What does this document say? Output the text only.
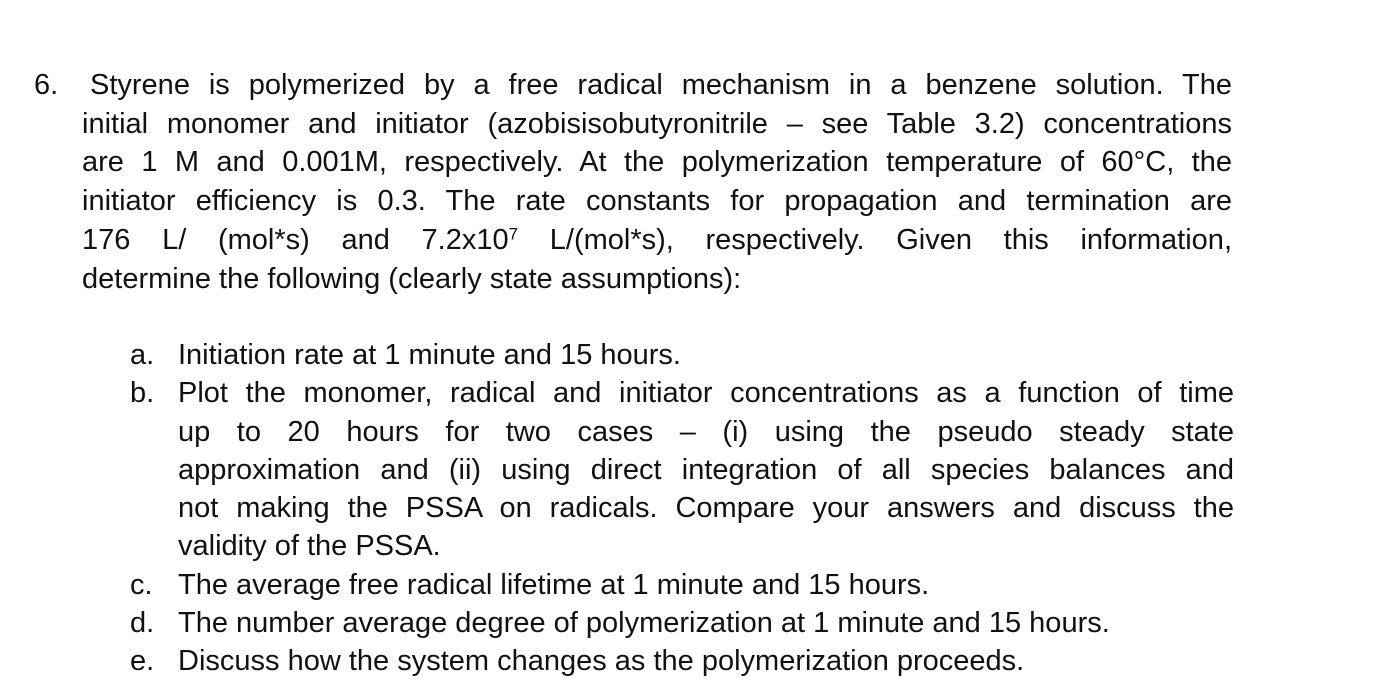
6. Styrene is polymerized by a free radical mechanism in a benzene solution. The
initial monomer and initiator (azobisisobutyronitrile – see Table 3.2) concentrations
are 1 M and 0.001M, respectively. At the polymerization temperature of 60°C, the
initiator efficiency is 0.3. The rate constants for propagation and termination are
176 L/ (mol*s) and $7.2x10^7$ L/(mol*s), respectively. Given this information,
determine the following (clearly state assumptions):
a. Initiation rate at 1 minute and 15 hours.
b. Plot the monomer, radical and initiator concentrations as a function of time
up to 20 hours for two cases – (i) using the pseudo steady state
approximation and (ii) using direct integration of all species balances and
not making the PSSA on radicals. Compare your answers and discuss the
validity of the PSSA.
c. The average free radical lifetime at 1 minute and 15 hours.
d. The number average degree of polymerization at 1 minute and 15 hours.
e. Discuss how the system changes as the polymerization proceeds.
